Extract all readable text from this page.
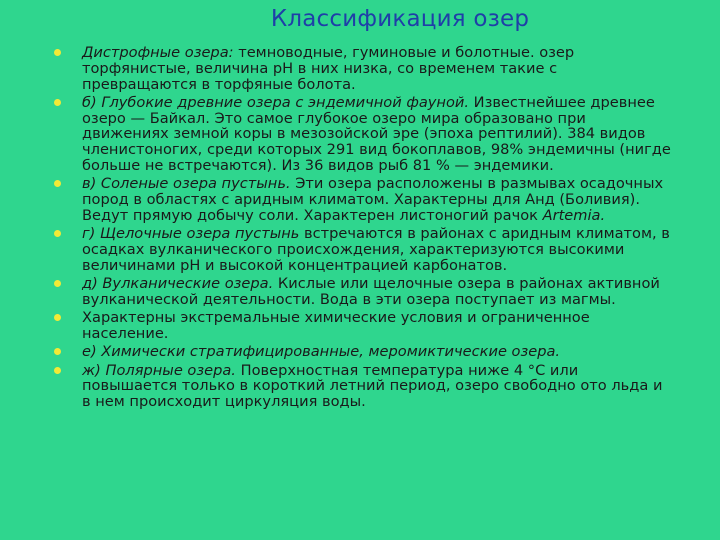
Классификация озер
Дистрофные озера: темноводные, гуминовые и болотные. озер торфянистые, величина рН в них низка, со временем такие с превращаются в торфяные болота.
б) Глубокие древние озера с эндемичной фауной. Известнейшее древнее озеро — Байкал. Это самое глубокое озеро мира образовано при движениях земной коры в мезозойской эре (эпоха рептилий). 384 видов членистоногих, среди которых 291 вид бокоплавов, 98% эндемичны (нигде больше не встречаются). Из 36 видов рыб 81 % — эндемики.
в) Соленые озера пустынь. Эти озера расположены в размывах осадочных пород в областях с аридным климатом. Характерны для Анд (Боливия). Ведут прямую добычу соли. Характерен листоногий рачок Artemia.
г) Щелочные озера пустынь встречаются в районах с аридным климатом, в осадках вулканического происхождения, характеризуются высокими величинами рН и высокой концентрацией карбонатов.
д) Вулканические озера. Кислые или щелочные озера в районах активной вулканической деятельности. Вода в эти озера поступает из магмы.
Характерны экстремальные химические условия и ограниченное население.
е) Химически стратифицированные, меромиктические озера.
ж) Полярные озера. Поверхностная температура ниже 4 °С или повышается только в короткий летний период, озеро свободно ото льда и в нем происходит циркуляция воды.
